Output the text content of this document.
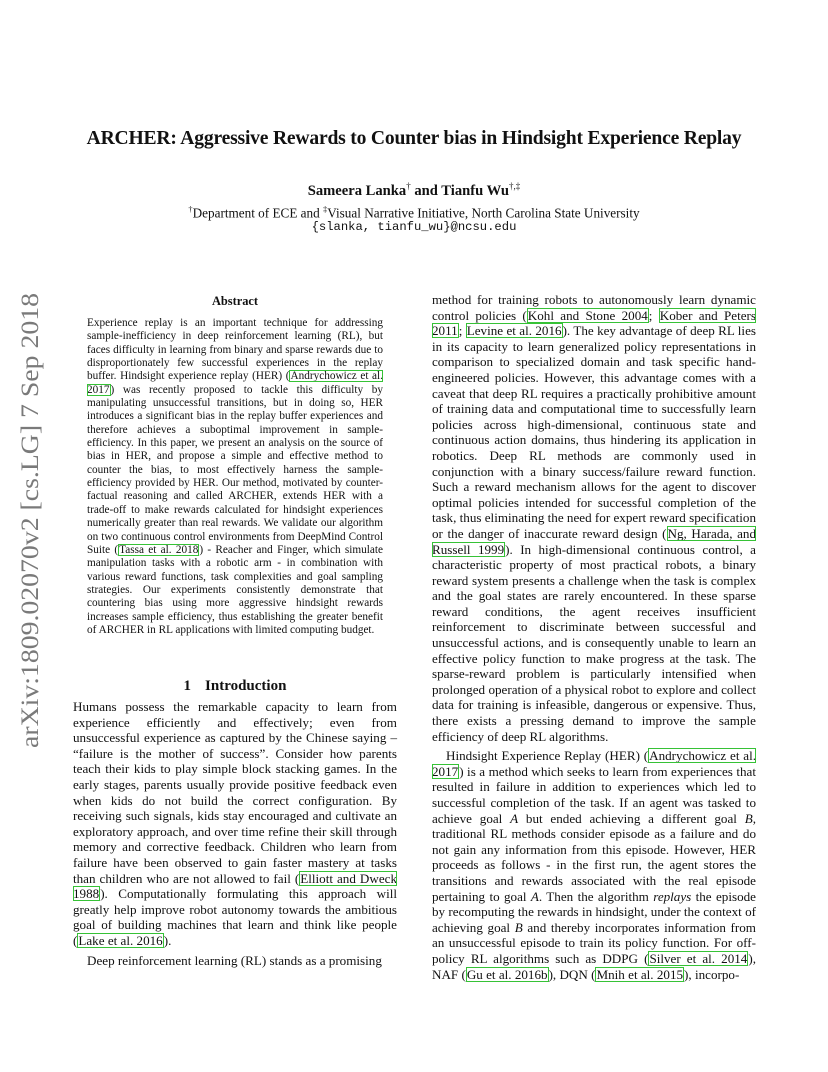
arXiv:1809.02070v2 [cs.LG] 7 Sep 2018
ARCHER: Aggressive Rewards to Counter bias in Hindsight Experience Replay
Sameera Lanka† and Tianfu Wu†,‡
†Department of ECE and ‡Visual Narrative Initiative, North Carolina State University
{slanka, tianfu_wu}@ncsu.edu
Abstract
Experience replay is an important technique for addressing sample-inefficiency in deep reinforcement learning (RL), but faces difficulty in learning from binary and sparse rewards due to disproportionately few successful experiences in the replay buffer. Hindsight experience replay (HER) (Andrychowicz et al. 2017) was recently proposed to tackle this difficulty by manipulating unsuccessful transitions, but in doing so, HER introduces a significant bias in the replay buffer experiences and therefore achieves a suboptimal improvement in sample-efficiency. In this paper, we present an analysis on the source of bias in HER, and propose a simple and effective method to counter the bias, to most effectively harness the sample-efficiency provided by HER. Our method, motivated by counter-factual reasoning and called ARCHER, extends HER with a trade-off to make rewards calculated for hindsight experiences numerically greater than real rewards. We validate our algorithm on two continuous control environments from DeepMind Control Suite (Tassa et al. 2018) - Reacher and Finger, which simulate manipulation tasks with a robotic arm - in combination with various reward functions, task complexities and goal sampling strategies. Our experiments consistently demonstrate that countering bias using more aggressive hindsight rewards increases sample efficiency, thus establishing the greater benefit of ARCHER in RL applications with limited computing budget.
1 Introduction

Humans possess the remarkable capacity to learn from experience efficiently and effectively; even from unsuccessful experience as captured by the Chinese saying – “failure is the mother of success”. Consider how parents teach their kids to play simple block stacking games. In the early stages, parents usually provide positive feedback even when kids do not build the correct configuration. By receiving such signals, kids stay encouraged and cultivate an exploratory approach, and over time refine their skill through memory and corrective feedback. Children who learn from failure have been observed to gain faster mastery at tasks than children who are not allowed to fail (Elliott and Dweck 1988). Computationally formulating this approach will greatly help improve robot autonomy towards the ambitious goal of building machines that learn and think like people (Lake et al. 2016).

Deep reinforcement learning (RL) stands as a promising

method for training robots to autonomously learn dynamic control policies (Kohl and Stone 2004; Kober and Peters 2011; Levine et al. 2016). The key advantage of deep RL lies in its capacity to learn generalized policy representations in comparison to specialized domain and task specific hand-engineered policies. However, this advantage comes with a caveat that deep RL requires a practically prohibitive amount of training data and computational time to successfully learn policies across high-dimensional, continuous state and continuous action domains, thus hindering its application in robotics. Deep RL methods are commonly used in conjunction with a binary success/failure reward function. Such a reward mechanism allows for the agent to discover optimal policies intended for successful completion of the task, thus eliminating the need for expert reward specification or the danger of inaccurate reward design (Ng, Harada, and Russell 1999). In high-dimensional continuous control, a characteristic property of most practical robots, a binary reward system presents a challenge when the task is complex and the goal states are rarely encountered. In these sparse reward conditions, the agent receives insufficient reinforcement to discriminate between successful and unsuccessful actions, and is consequently unable to learn an effective policy function to make progress at the task. The sparse-reward problem is particularly intensified when prolonged operation of a physical robot to explore and collect data for training is infeasible, dangerous or expensive. Thus, there exists a pressing demand to improve the sample efficiency of deep RL algorithms.

Hindsight Experience Replay (HER) (Andrychowicz et al. 2017) is a method which seeks to learn from experiences that resulted in failure in addition to experiences which led to successful completion of the task. If an agent was tasked to achieve goal A but ended achieving a different goal B, traditional RL methods consider episode as a failure and do not gain any information from this episode. However, HER proceeds as follows - in the first run, the agent stores the transitions and rewards associated with the real episode pertaining to goal A. Then the algorithm replays the episode by recomputing the rewards in hindsight, under the context of achieving goal B and thereby incorporates information from an unsuccessful episode to train its policy function. For off-policy RL algorithms such as DDPG (Silver et al. 2014), NAF (Gu et al. 2016b), DQN (Mnih et al. 2015), incorpo-
